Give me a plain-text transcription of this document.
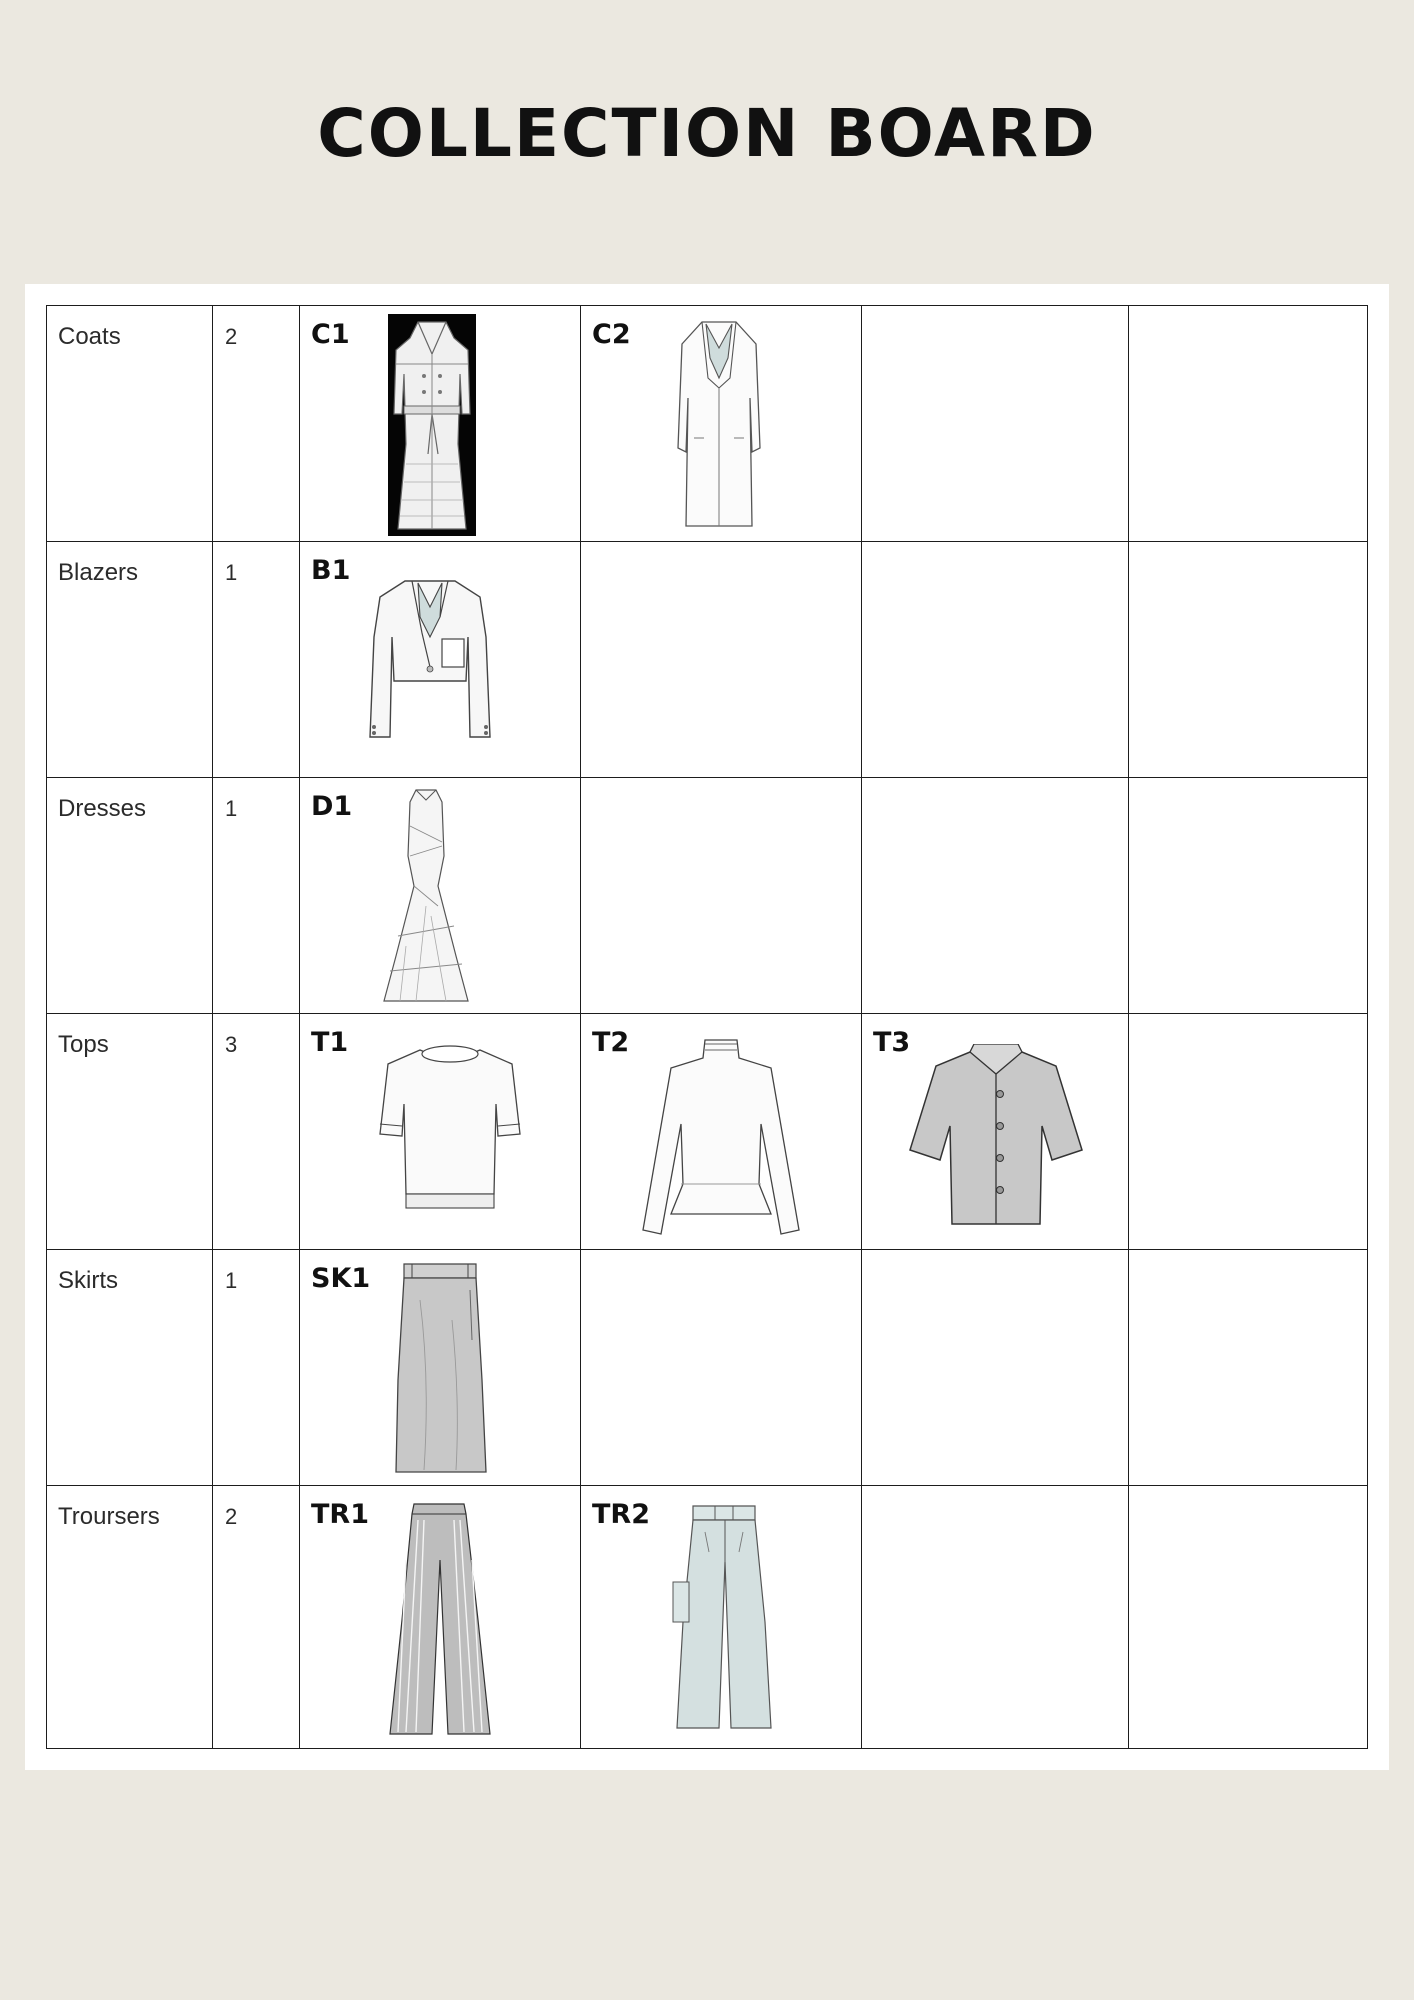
COLLECTION BOARD
Coats	2	C1	C2		

Blazers	1	B1			

Dresses	1	D1			

Tops	3	T1	T2	T3	

Skirts	1	SK1			

Troursers	2	TR1	TR2		
